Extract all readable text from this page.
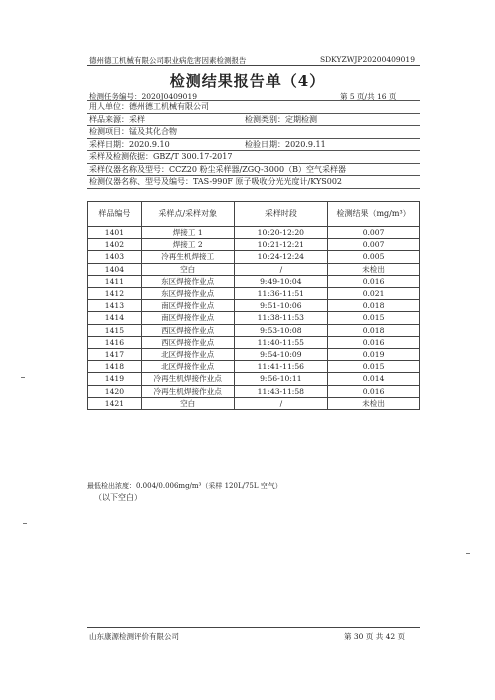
德州德工机械有限公司职业病危害因素检测报告	SDKYZWJP20200409019
检测结果报告单（4）
检测任务编号：2020J0409019	第 5 页/共 16 页
用人单位：德州德工机械有限公司
样品来源：采样	检测类别：定期检测
检测项目：锰及其化合物
采样日期：2020.9.10	检验日期：2020.9.11
采样及检测依据：GBZ/T 300.17-2017
采样仪器名称及型号：CCZ20 粉尘采样器/ZGQ-3000（B）空气采样器
检测仪器名称、型号及编号：TAS-990F 原子吸收分光光度计/KYS002
样品编号	采样点/采样对象	采样时段	检测结果（mg/m³）
1401	焊接工 1	10:20-12:20	0.007
1402	焊接工 2	10:21-12:21	0.007
1403	冷再生机焊接工	10:24-12:24	0.005
1404	空白	/	未检出
1411	东区焊接作业点	9:49-10:04	0.016
1412	东区焊接作业点	11:36-11:51	0.021
1413	南区焊接作业点	9:51-10:06	0.018
1414	南区焊接作业点	11:38-11:53	0.015
1415	西区焊接作业点	9:53-10:08	0.018
1416	西区焊接作业点	11:40-11:55	0.016
1417	北区焊接作业点	9:54-10:09	0.019
1418	北区焊接作业点	11:41-11:56	0.015
1419	冷再生机焊接作业点	9:56-10:11	0.014
1420	冷再生机焊接作业点	11:43-11:58	0.016
1421	空白	/	未检出
最低检出浓度：0.004/0.006mg/m³（采样 120L/75L 空气）
（以下空白）
山东康源检测评价有限公司	第 30 页 共 42 页
